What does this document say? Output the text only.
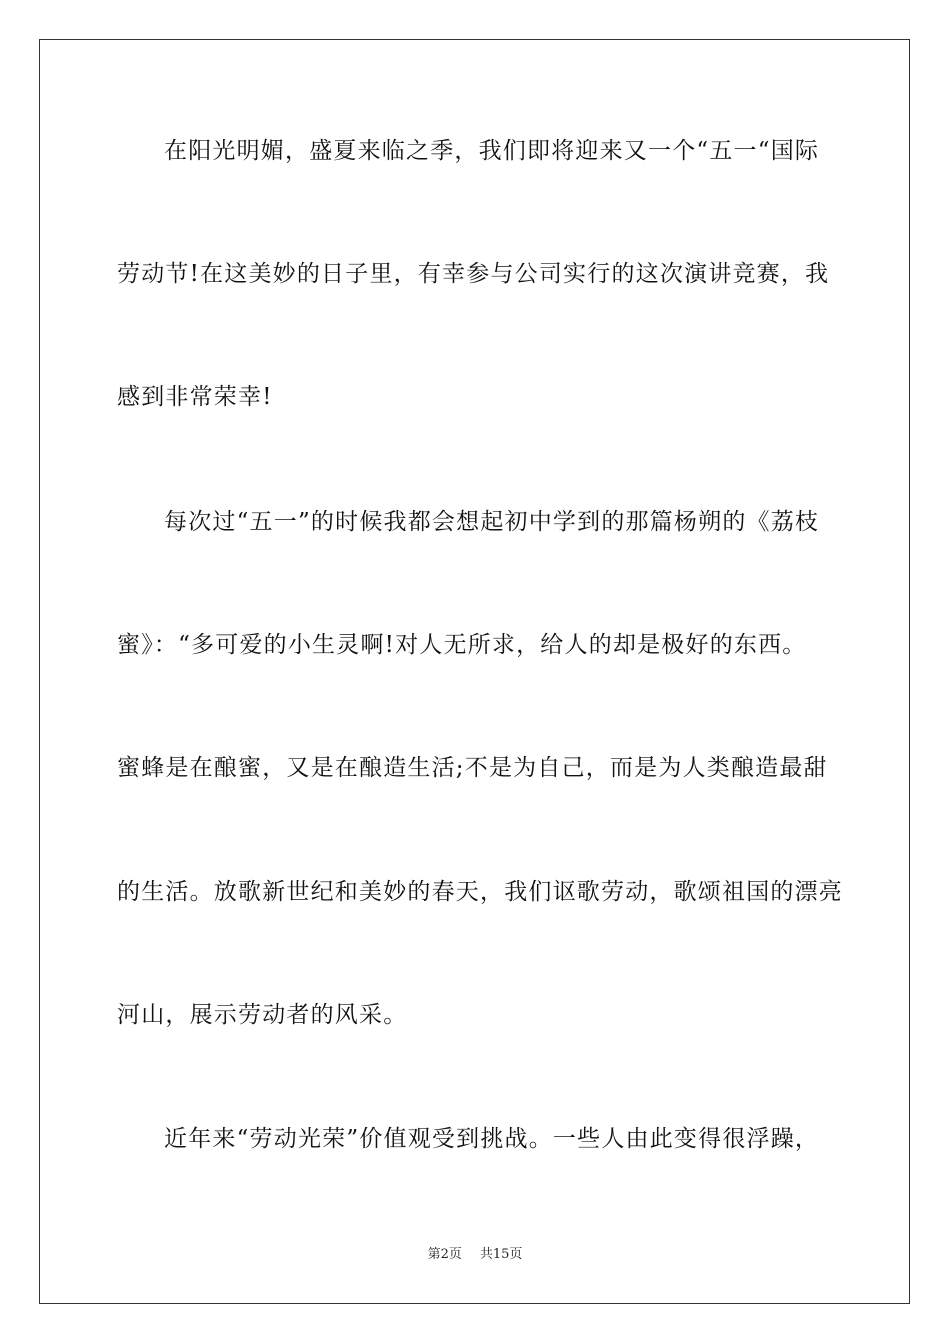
在阳光明媚，盛夏来临之季，我们即将迎来又一个“五一“国际
劳动节!在这美妙的日子里，有幸参与公司实行的这次演讲竞赛，我
感到非常荣幸!
每次过“五一”的时候我都会想起初中学到的那篇杨朔的《荔枝
蜜》：“多可爱的小生灵啊!对人无所求，给人的却是极好的东西。
蜜蜂是在酿蜜，又是在酿造生活;不是为自己，而是为人类酿造最甜
的生活。放歌新世纪和美妙的春天，我们讴歌劳动，歌颂祖国的漂亮
河山，展示劳动者的风采。
近年来“劳动光荣”价值观受到挑战。一些人由此变得很浮躁，
第2页 共15页
